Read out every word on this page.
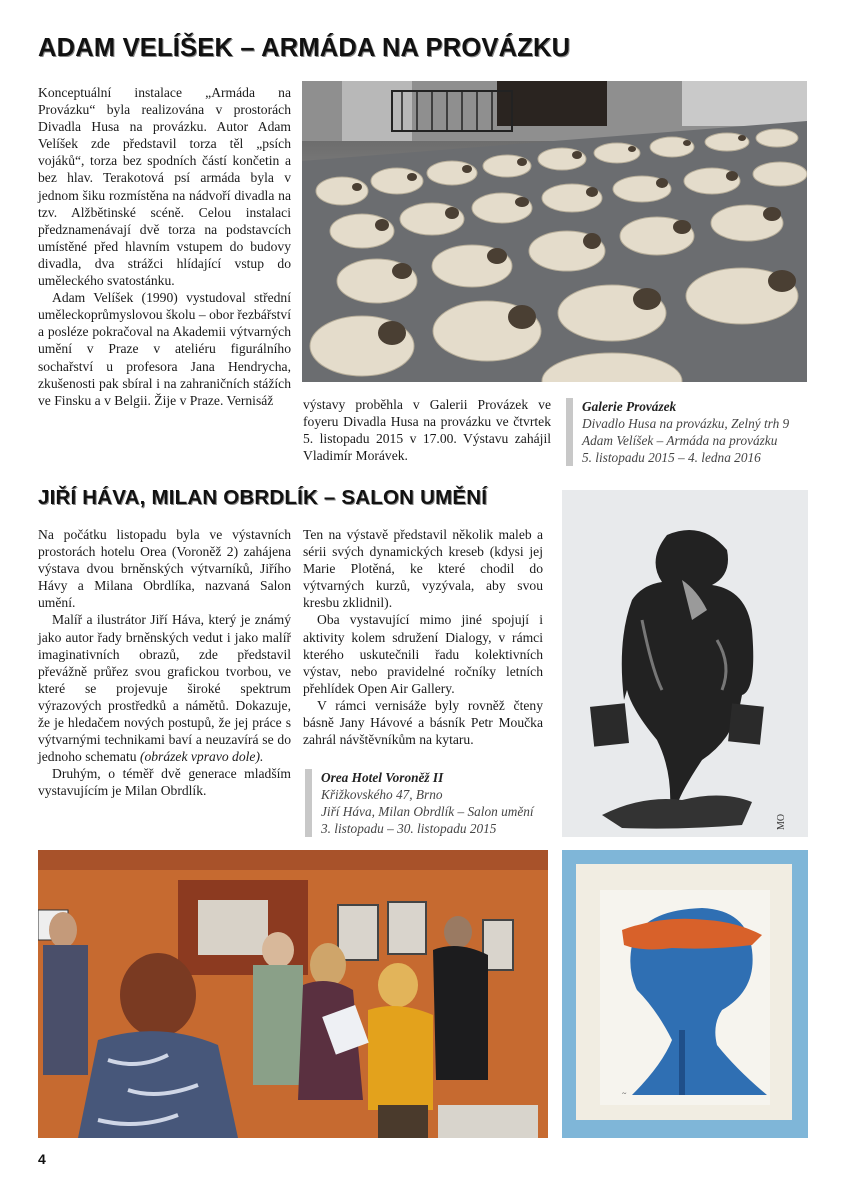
ADAM VELÍŠEK – ARMÁDA NA PROVÁZKU

Konceptuální instalace „Armáda na Provázku“ byla realizována v prostorách Divadla Husa na provázku. Autor Adam Velíšek zde představil torza těl „psích vojáků“, torza bez spodních částí končetin a bez hlav. Terakotová psí armáda byla v jednom šiku rozmístěna na nádvoří divadla na tzv. Alžbětinské scéně. Celou instalaci předznamenávají dvě torza na podstavcích umístěné před hlavním vstupem do budovy divadla, dva strážci hlídající vstup do uměleckého svatostánku.

Adam Velíšek (1990) vystudoval střední uměleckoprůmyslovou školu – obor řezbářství a posléze pokračoval na Akademii výtvarných umění v Praze v ateliéru figurálního sochařství u profesora Jana Hendrycha, zkušenosti pak sbíral i na zahraničních stážích ve Finsku a v Belgii. Žije v Praze. Vernisáž	výstavy proběhla v Galerii Provázek ve foyeru Divadla Husa na provázku ve čtvrtek 5. listopadu 2015 v 17.00. Výstavu zahájil Vladimír Morávek.

Galerie Provázek
Divadlo Husa na provázku, Zelný trh 9
Adam Velíšek – Armáda na provázku
5. listopadu 2015 – 4. ledna 2016
JIŘÍ HÁVA, MILAN OBRDLÍK – SALON UMĚNÍ

Na počátku listopadu byla ve výstavních prostorách hotelu Orea (Voroněž 2) zahájena výstava dvou brněnských výtvarníků, Jiřího Hávy a Milana Obrdlíka, nazvaná Salon umění.

Malíř a ilustrátor Jiří Háva, který je známý jako autor řady brněnských vedut i jako malíř imaginativních obrazů, zde představil převážně průřez svou grafickou tvorbou, ve které se projevuje široké spektrum výrazových prostředků a námětů. Dokazuje, že je hledačem nových postupů, že jej práce s výtvarnými technikami baví a neuzavírá se do jednoho schematu (obrázek vpravo dole).

Druhým, o téměř dvě generace mladším vystavujícím je Milan Obrdlík.

Ten na výstavě představil několik maleb a sérii svých dynamických kreseb (kdysi jej Marie Plotěná, ke které chodil do výtvarných kurzů, vyzývala, aby svou kresbu zklidnil).

Oba vystavující mimo jiné spojují i aktivity kolem sdružení Dialogy, v rámci kterého uskutečnili řadu kolektivních výstav, nebo pravidelné ročníky letních přehlídek Open Air Gallery.

V rámci vernisáže byly rovněž čteny básně Jany Hávové a básník Petr Moučka zahrál návštěvníkům na kytaru.

Orea Hotel Voroněž II
Křižkovského 47, Brno
Jiří Háva, Milan Obrdlík – Salon umění
3. listopadu – 30. listopadu 2015	MO
~
4
